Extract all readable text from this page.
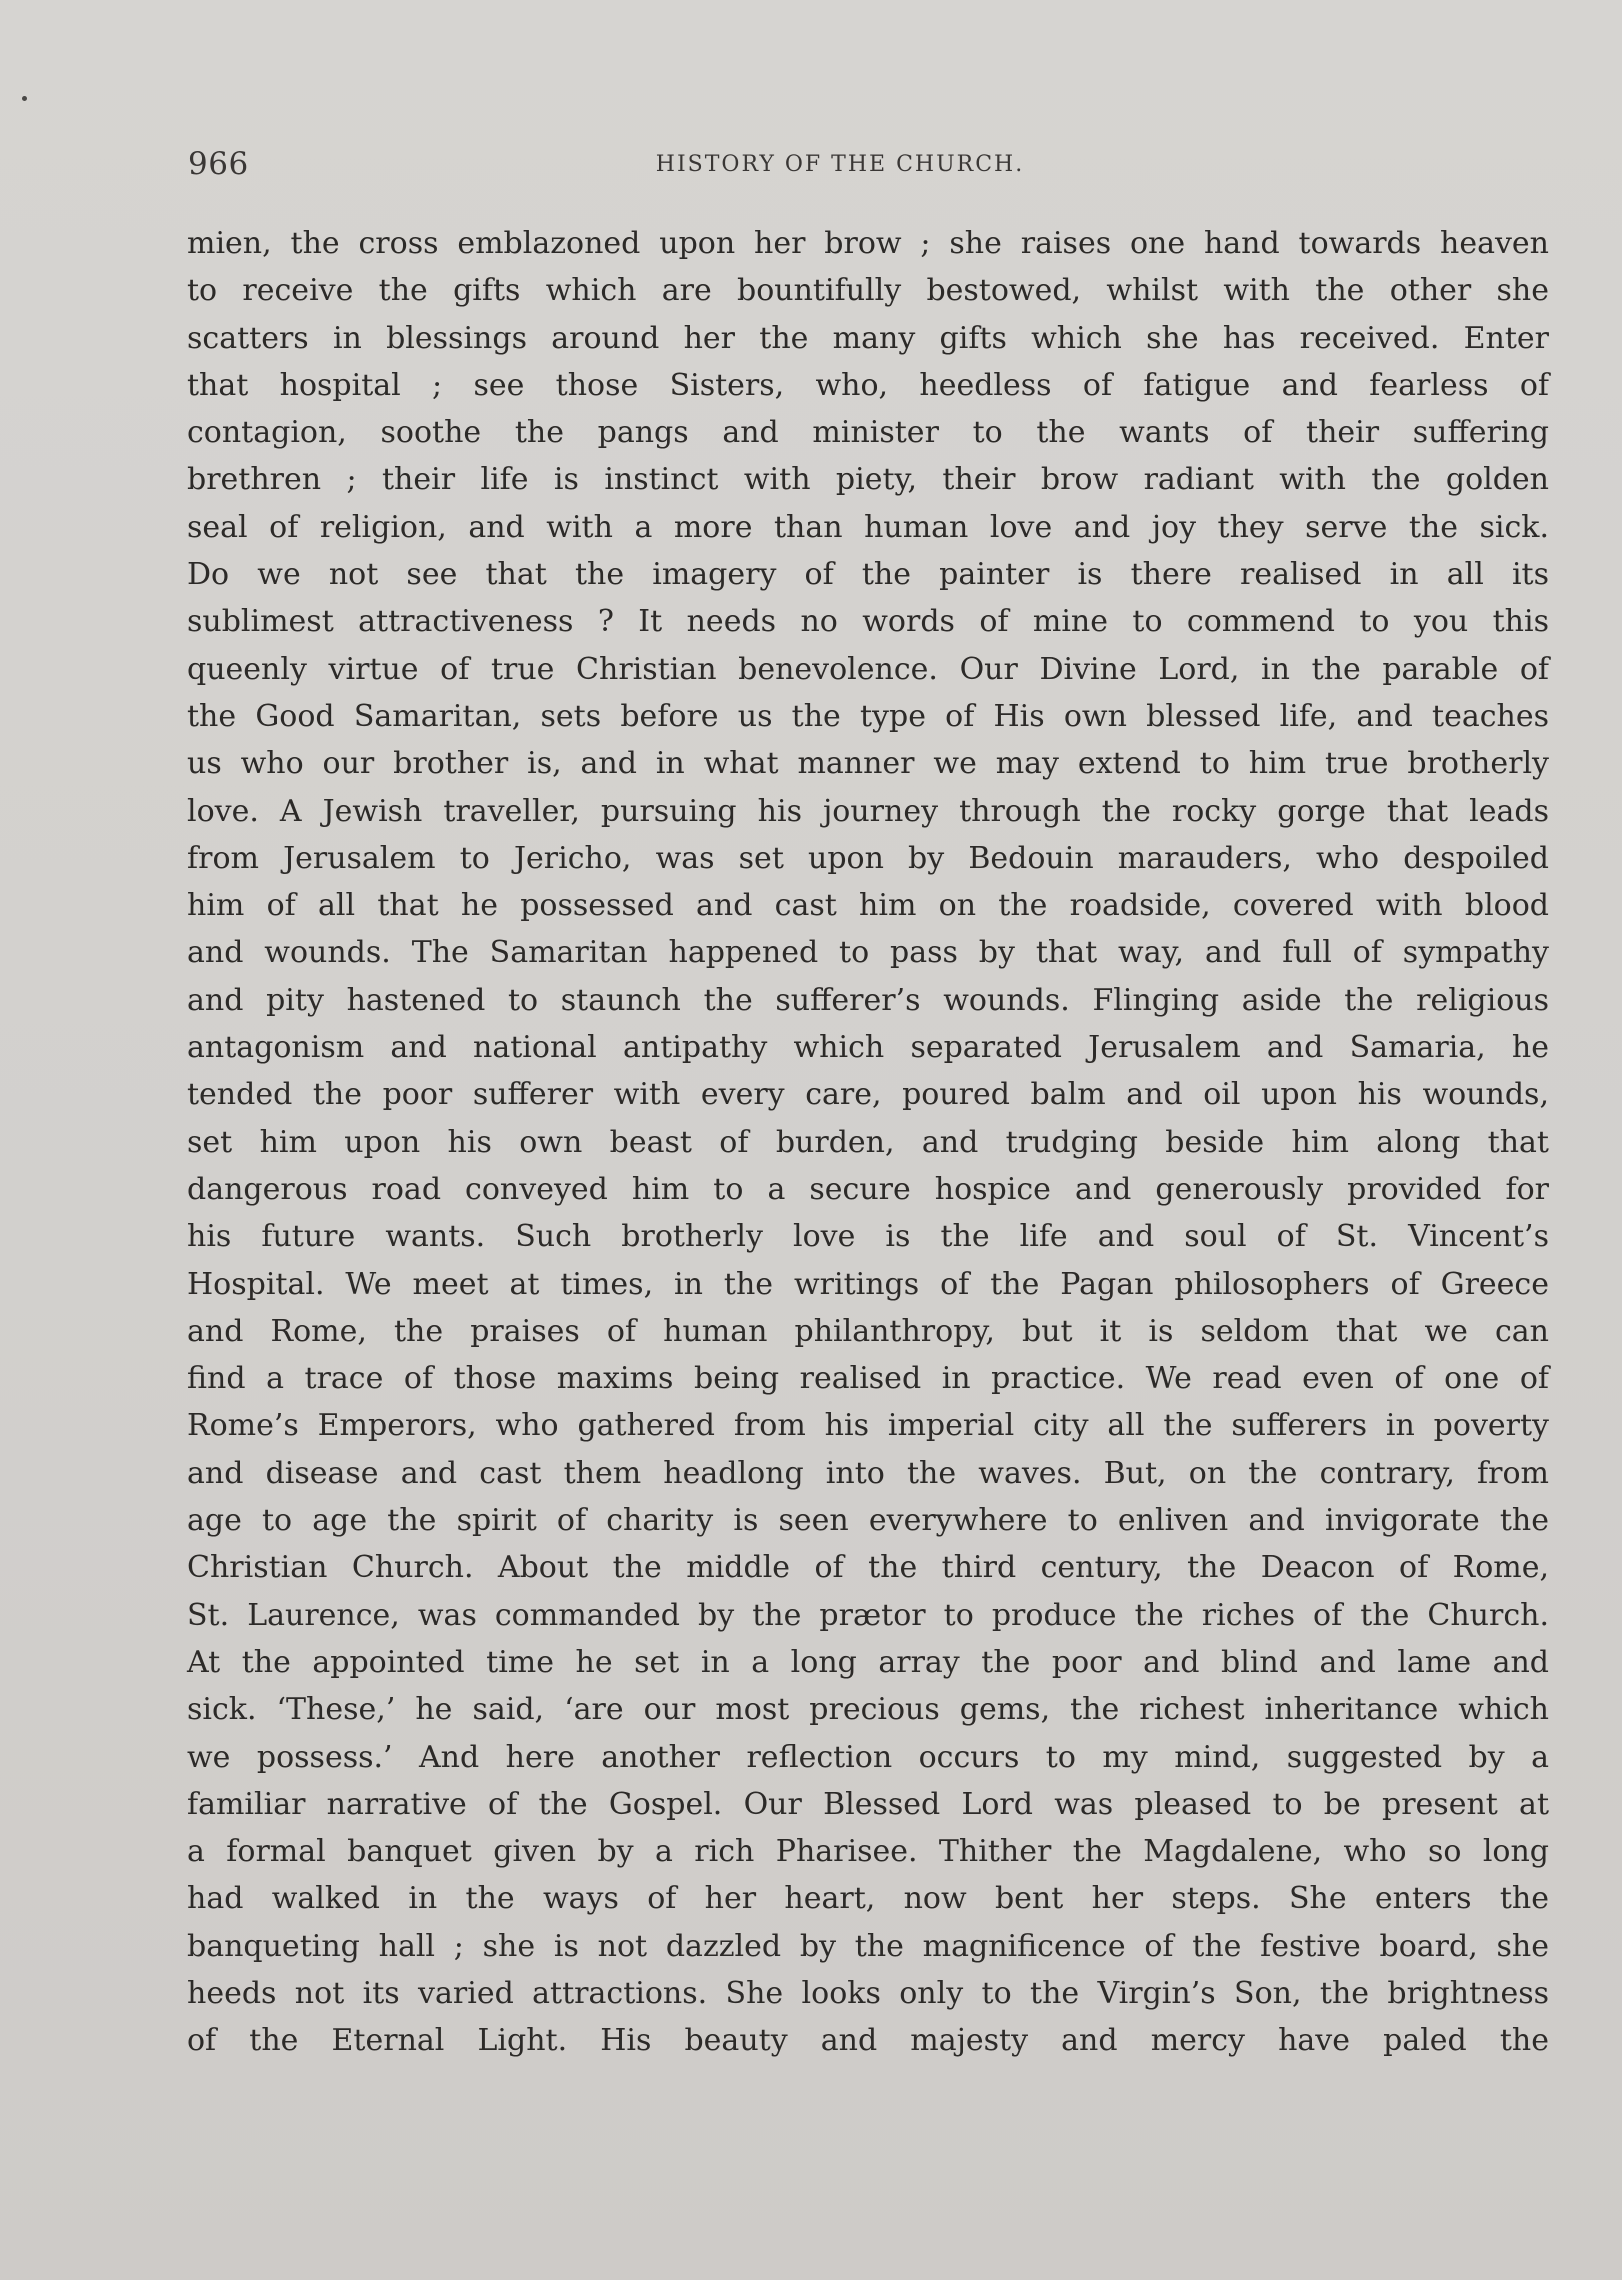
966	HISTORY OF THE CHURCH.
mien, the cross emblazoned upon her brow ; she raises one hand towards heaven
to receive the gifts which are bountifully bestowed, whilst with the other she
scatters in blessings around her the many gifts which she has received. Enter
that hospital ; see those Sisters, who, heedless of fatigue and fearless of
contagion, soothe the pangs and minister to the wants of their suffering
brethren ; their life is instinct with piety, their brow radiant with the golden
seal of religion, and with a more than human love and joy they serve the sick.
Do we not see that the imagery of the painter is there realised in all its
sublimest attractiveness ? It needs no words of mine to commend to you this
queenly virtue of true Christian benevolence. Our Divine Lord, in the parable of
the Good Samaritan, sets before us the type of His own blessed life, and teaches
us who our brother is, and in what manner we may extend to him true brotherly
love. A Jewish traveller, pursuing his journey through the rocky gorge that leads
from Jerusalem to Jericho, was set upon by Bedouin marauders, who despoiled
him of all that he possessed and cast him on the roadside, covered with blood
and wounds. The Samaritan happened to pass by that way, and full of sympathy
and pity hastened to staunch the sufferer’s wounds. Flinging aside the religious
antagonism and national antipathy which separated Jerusalem and Samaria, he
tended the poor sufferer with every care, poured balm and oil upon his wounds,
set him upon his own beast of burden, and trudging beside him along that
dangerous road conveyed him to a secure hospice and generously provided for
his future wants. Such brotherly love is the life and soul of St. Vincent’s
Hospital. We meet at times, in the writings of the Pagan philosophers of Greece
and Rome, the praises of human philanthropy, but it is seldom that we can
find a trace of those maxims being realised in practice. We read even of one of
Rome’s Emperors, who gathered from his imperial city all the sufferers in poverty
and disease and cast them headlong into the waves. But, on the contrary, from
age to age the spirit of charity is seen everywhere to enliven and invigorate the
Christian Church. About the middle of the third century, the Deacon of Rome,
St. Laurence, was commanded by the prætor to produce the riches of the Church.
At the appointed time he set in a long array the poor and blind and lame and
sick. ‘These,’ he said, ‘are our most precious gems, the richest inheritance which
we possess.’ And here another reflection occurs to my mind, suggested by a
familiar narrative of the Gospel. Our Blessed Lord was pleased to be present at
a formal banquet given by a rich Pharisee. Thither the Magdalene, who so long
had walked in the ways of her heart, now bent her steps. She enters the
banqueting hall ; she is not dazzled by the magnificence of the festive board, she
heeds not its varied attractions. She looks only to the Virgin’s Son, the brightness
of the Eternal Light. His beauty and majesty and mercy have paled the
